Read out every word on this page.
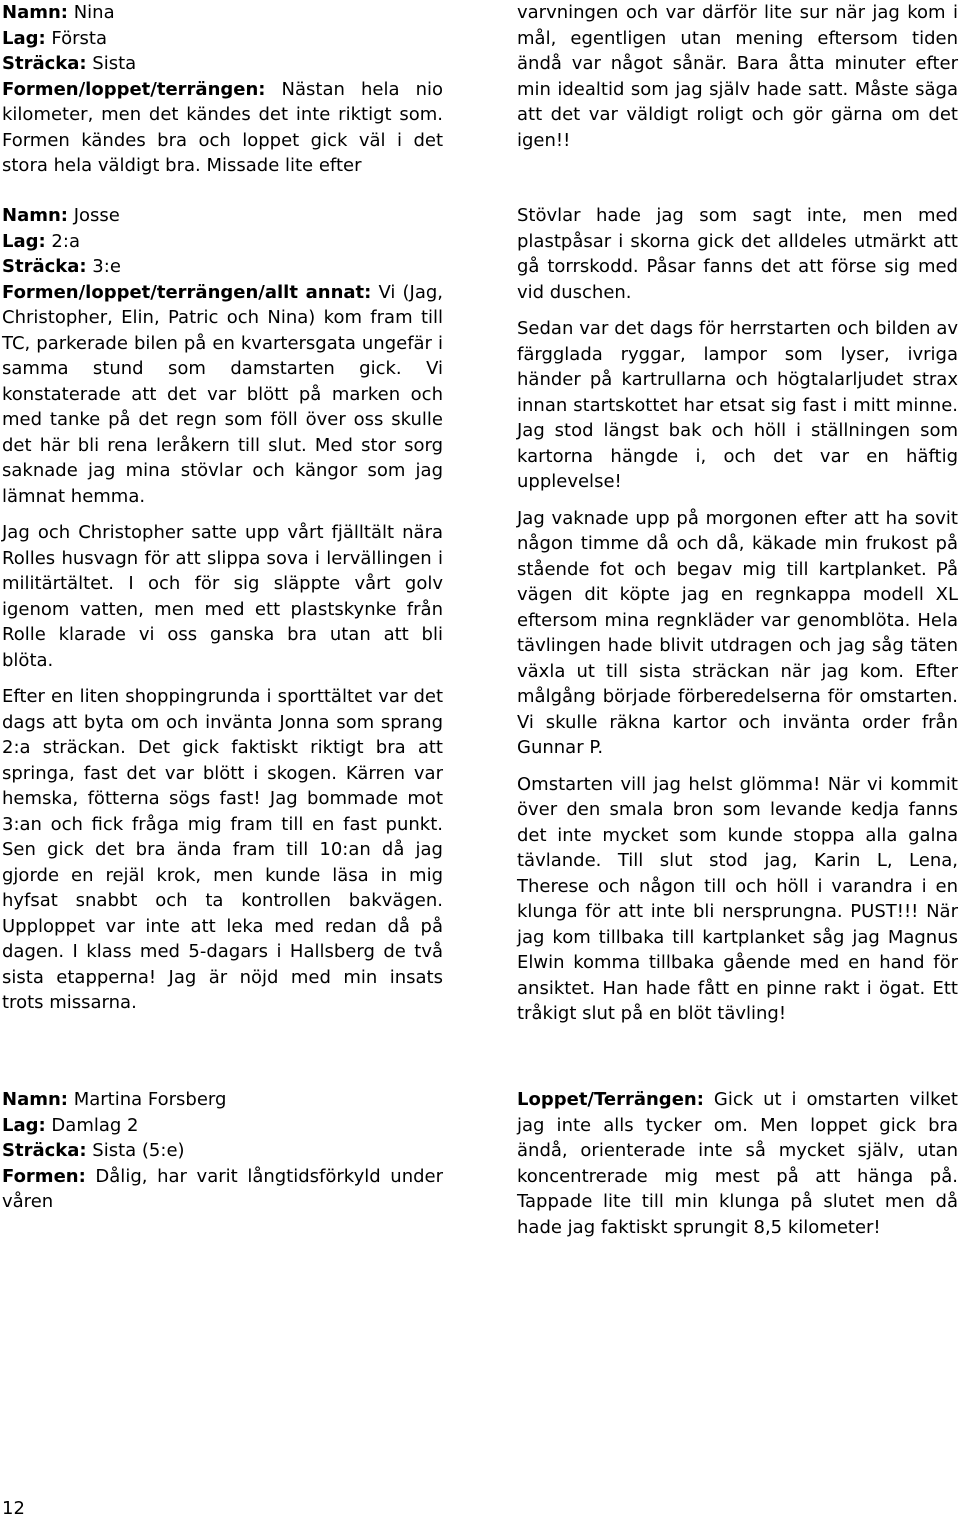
Namn: Nina

Lag: Första

Sträcka: Sista

Formen/loppet/terrängen: Nästan hela nio kilometer, men det kändes det inte riktigt som. Formen kändes bra och loppet gick väl i det stora hela väldigt bra. Missade lite efter

Namn: Josse

Lag: 2:a

Sträcka: 3:e

Formen/loppet/terrängen/allt annat: Vi (Jag, Christopher, Elin, Patric och Nina) kom fram till TC, parkerade bilen på en kvartersgata ungefär i samma stund som damstarten gick. Vi konstaterade att det var blött på marken och med tanke på det regn som föll över oss skulle det här bli rena leråkern till slut. Med stor sorg saknade jag mina stövlar och kängor som jag lämnat hemma.

Jag och Christopher satte upp vårt fjälltält nära Rolles husvagn för att slippa sova i lervällingen i militärtältet. I och för sig släppte vårt golv igenom vatten, men med ett plastskynke från Rolle klarade vi oss ganska bra utan att bli blöta.

Efter en liten shoppingrunda i sporttältet var det dags att byta om och invänta Jonna som sprang 2:a sträckan. Det gick faktiskt riktigt bra att springa, fast det var blött i skogen. Kärren var hemska, fötterna sögs fast! Jag bommade mot 3:an och fick fråga mig fram till en fast punkt. Sen gick det bra ända fram till 10:an då jag gjorde en rejäl krok, men kunde läsa in mig hyfsat snabbt och ta kontrollen bakvägen. Upploppet var inte att leka med redan då på dagen. I klass med 5-dagars i Hallsberg de två sista etapperna! Jag är nöjd med min insats trots missarna.

Namn: Martina Forsberg

Lag: Damlag 2

Sträcka: Sista (5:e)

Formen: Dålig, har varit långtidsförkyld under våren

varvningen och var därför lite sur när jag kom i mål, egentligen utan mening eftersom tiden ändå var något sånär. Bara åtta minuter efter min idealtid som jag själv hade satt. Måste säga att det var väldigt roligt och gör gärna om det igen!!

Stövlar hade jag som sagt inte, men med plastpåsar i skorna gick det alldeles utmärkt att gå torrskodd. Påsar fanns det att förse sig med vid duschen.

Sedan var det dags för herrstarten och bilden av färgglada ryggar, lampor som lyser, ivriga händer på kartrullarna och högtalarljudet strax innan startskottet har etsat sig fast i mitt minne. Jag stod längst bak och höll i ställningen som kartorna hängde i, och det var en häftig upplevelse!

Jag vaknade upp på morgonen efter att ha sovit någon timme då och då, käkade min frukost på stående fot och begav mig till kartplanket. På vägen dit köpte jag en regnkappa modell XL eftersom mina regnkläder var genomblöta. Hela tävlingen hade blivit utdragen och jag såg täten växla ut till sista sträckan när jag kom. Efter målgång började förberedelserna för omstarten. Vi skulle räkna kartor och invänta order från Gunnar P.

Omstarten vill jag helst glömma! När vi kommit över den smala bron som levande kedja fanns det inte mycket som kunde stoppa alla galna tävlande. Till slut stod jag, Karin L, Lena, Therese och någon till och höll i varandra i en klunga för att inte bli nersprungna. PUST!!! När jag kom tillbaka till kartplanket såg jag Magnus Elwin komma tillbaka gående med en hand för ansiktet. Han hade fått en pinne rakt i ögat. Ett tråkigt slut på en blöt tävling!

Loppet/Terrängen: Gick ut i omstarten vilket jag inte alls tycker om. Men loppet gick bra ändå, orienterade inte så mycket själv, utan koncentrerade mig mest på att hänga på. Tappade lite till min klunga på slutet men då hade jag faktiskt sprungit 8,5 kilometer!

12
